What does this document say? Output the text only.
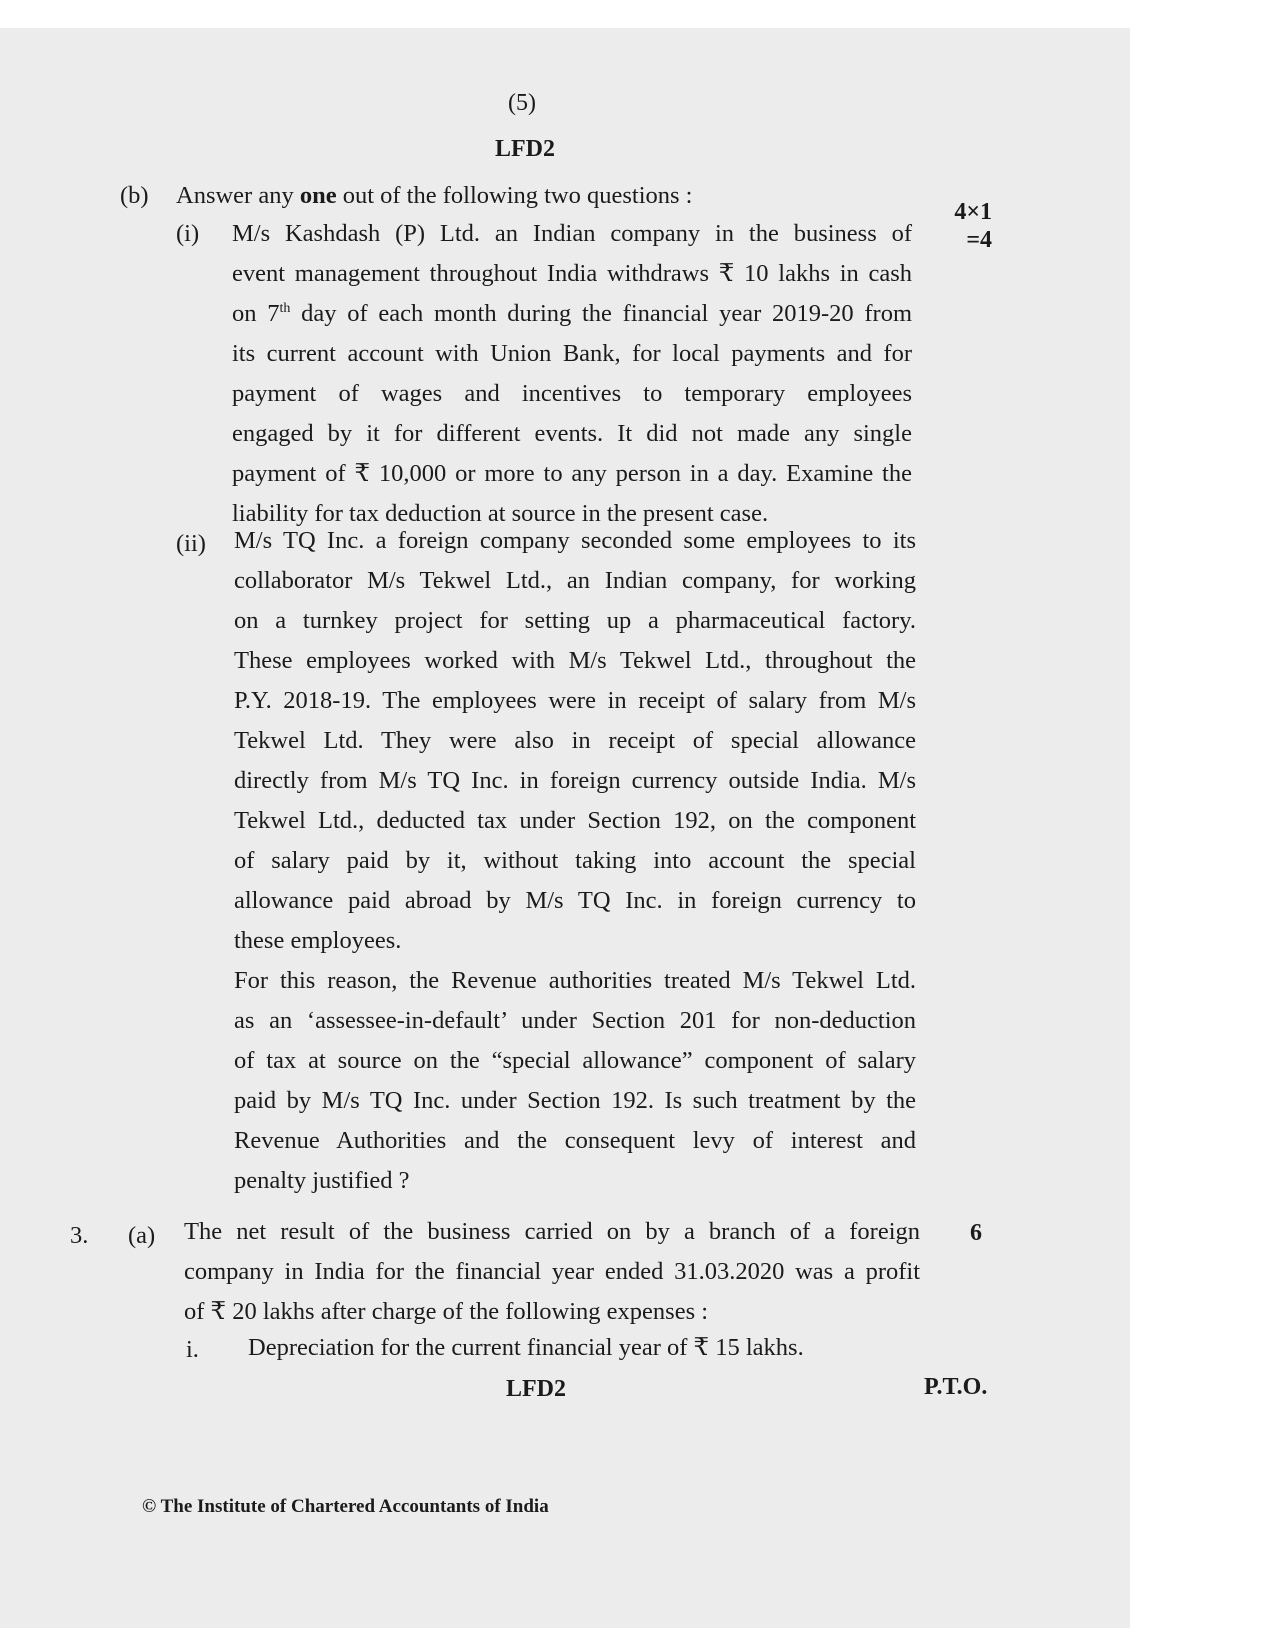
(5)
LFD2
(b) Answer any one out of the following two questions :
4×1
=4
(i) M/s Kashdash (P) Ltd. an Indian company in the business of
event management throughout India withdraws ₹ 10 lakhs in cash
on 7th day of each month during the financial year 2019-20 from
its current account with Union Bank, for local payments and for
payment of wages and incentives to temporary employees
engaged by it for different events. It did not made any single
payment of ₹ 10,000 or more to any person in a day. Examine the
liability for tax deduction at source in the present case.
(ii) M/s TQ Inc. a foreign company seconded some employees to its
collaborator M/s Tekwel Ltd., an Indian company, for working
on a turnkey project for setting up a pharmaceutical factory.
These employees worked with M/s Tekwel Ltd., throughout the
P.Y. 2018-19. The employees were in receipt of salary from M/s
Tekwel Ltd. They were also in receipt of special allowance
directly from M/s TQ Inc. in foreign currency outside India. M/s
Tekwel Ltd., deducted tax under Section 192, on the component
of salary paid by it, without taking into account the special
allowance paid abroad by M/s TQ Inc. in foreign currency to
these employees.
For this reason, the Revenue authorities treated M/s Tekwel Ltd.
as an ‘assessee-in-default’ under Section 201 for non-deduction
of tax at source on the “special allowance” component of salary
paid by M/s TQ Inc. under Section 192. Is such treatment by the
Revenue Authorities and the consequent levy of interest and
penalty justified ?
3. (a) The net result of the business carried on by a branch of a foreign
company in India for the financial year ended 31.03.2020 was a profit
of ₹ 20 lakhs after charge of the following expenses :
6
i. Depreciation for the current financial year of ₹ 15 lakhs.
LFD2	P.T.O.
© The Institute of Chartered Accountants of India
